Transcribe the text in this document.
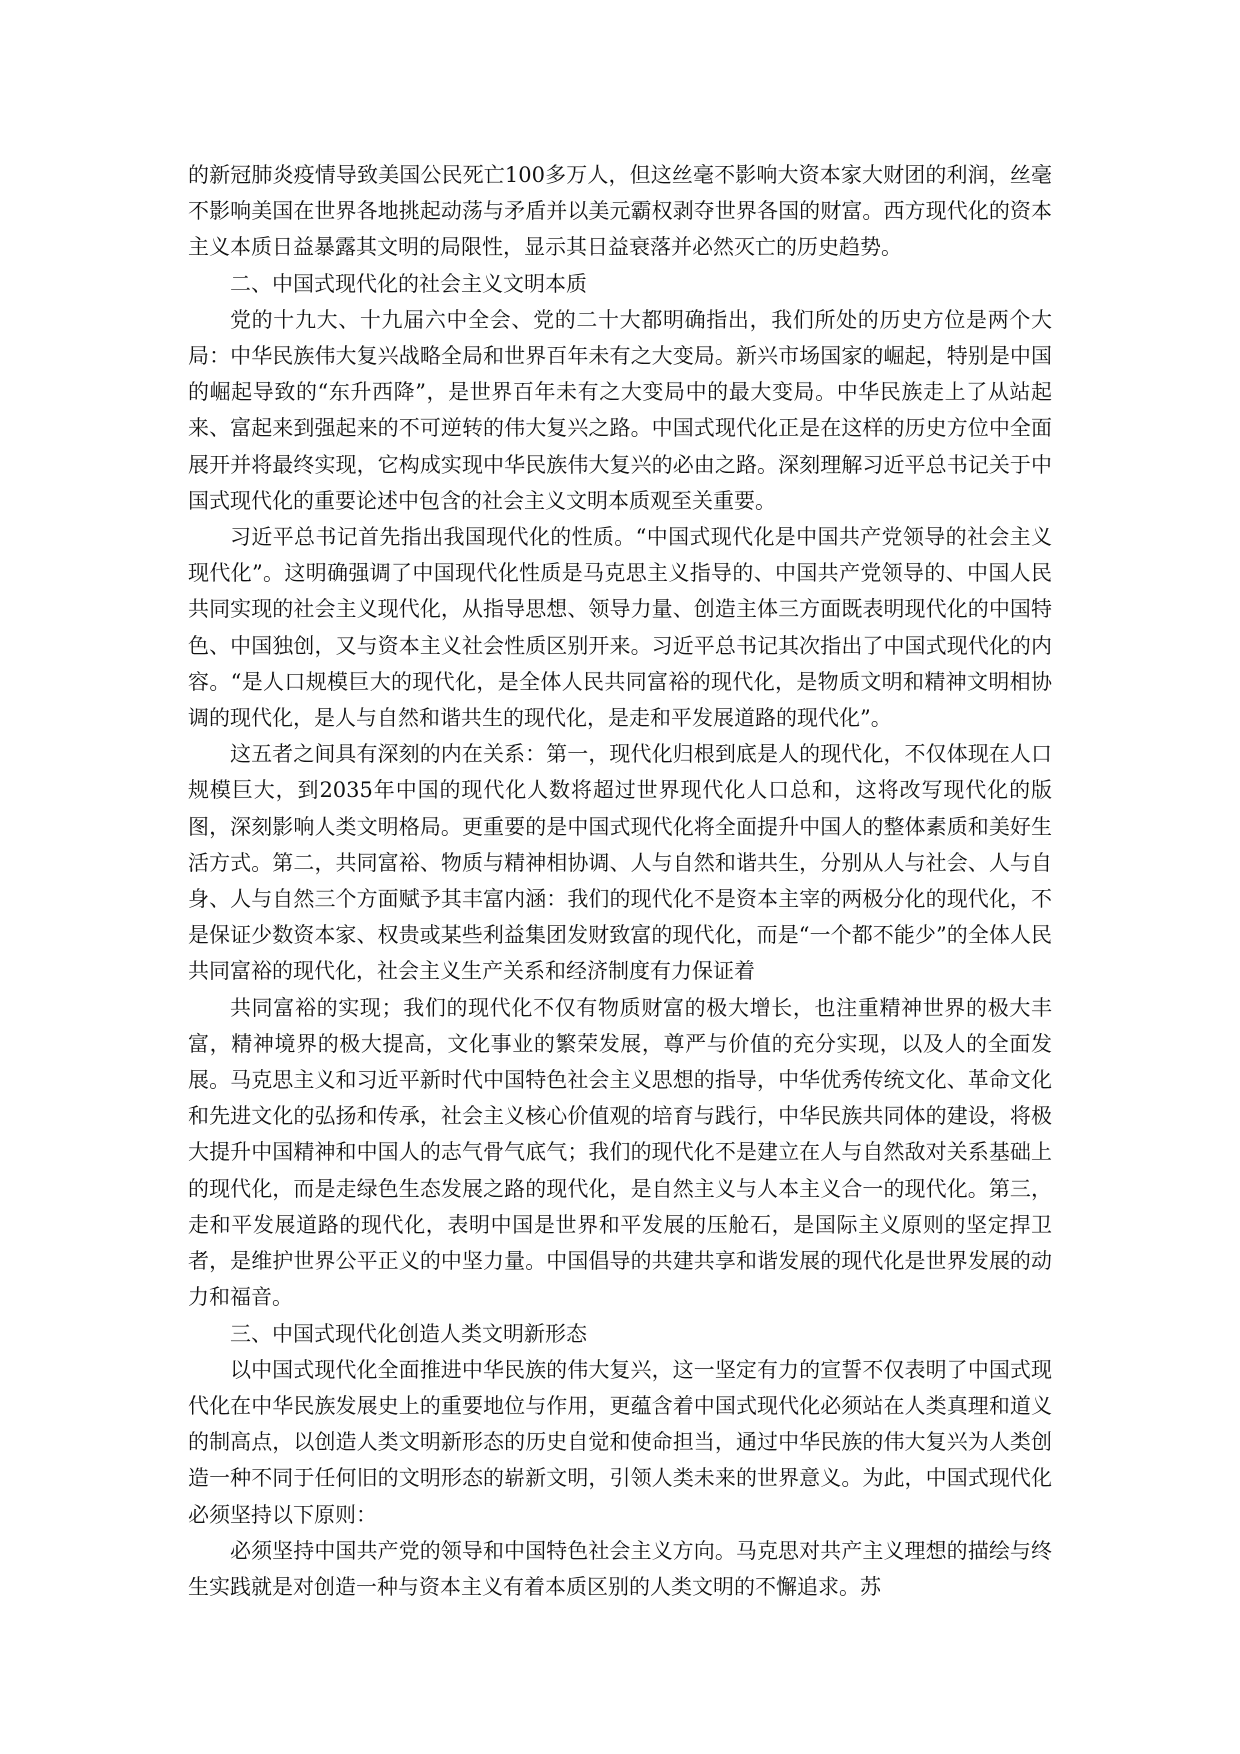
的新冠肺炎疫情导致美国公民死亡100多万人，但这丝毫不影响大资本家大财团的利润，丝毫不影响美国在世界各地挑起动荡与矛盾并以美元霸权剥夺世界各国的财富。西方现代化的资本主义本质日益暴露其文明的局限性，显示其日益衰落并必然灭亡的历史趋势。

二、中国式现代化的社会主义文明本质

党的十九大、十九届六中全会、党的二十大都明确指出，我们所处的历史方位是两个大局：中华民族伟大复兴战略全局和世界百年未有之大变局。新兴市场国家的崛起，特别是中国的崛起导致的“东升西降”，是世界百年未有之大变局中的最大变局。中华民族走上了从站起来、富起来到强起来的不可逆转的伟大复兴之路。中国式现代化正是在这样的历史方位中全面展开并将最终实现，它构成实现中华民族伟大复兴的必由之路。深刻理解习近平总书记关于中国式现代化的重要论述中包含的社会主义文明本质观至关重要。

习近平总书记首先指出我国现代化的性质。“中国式现代化是中国共产党领导的社会主义现代化”。这明确强调了中国现代化性质是马克思主义指导的、中国共产党领导的、中国人民共同实现的社会主义现代化，从指导思想、领导力量、创造主体三方面既表明现代化的中国特色、中国独创，又与资本主义社会性质区别开来。习近平总书记其次指出了中国式现代化的内容。“是人口规模巨大的现代化，是全体人民共同富裕的现代化，是物质文明和精神文明相协调的现代化，是人与自然和谐共生的现代化，是走和平发展道路的现代化”。

这五者之间具有深刻的内在关系：第一，现代化归根到底是人的现代化，不仅体现在人口规模巨大，到2035年中国的现代化人数将超过世界现代化人口总和，这将改写现代化的版图，深刻影响人类文明格局。更重要的是中国式现代化将全面提升中国人的整体素质和美好生活方式。第二，共同富裕、物质与精神相协调、人与自然和谐共生，分别从人与社会、人与自身、人与自然三个方面赋予其丰富内涵：我们的现代化不是资本主宰的两极分化的现代化，不是保证少数资本家、权贵或某些利益集团发财致富的现代化，而是“一个都不能少”的全体人民共同富裕的现代化，社会主义生产关系和经济制度有力保证着

共同富裕的实现；我们的现代化不仅有物质财富的极大增长，也注重精神世界的极大丰富，精神境界的极大提高，文化事业的繁荣发展，尊严与价值的充分实现，以及人的全面发展。马克思主义和习近平新时代中国特色社会主义思想的指导，中华优秀传统文化、革命文化和先进文化的弘扬和传承，社会主义核心价值观的培育与践行，中华民族共同体的建设，将极大提升中国精神和中国人的志气骨气底气；我们的现代化不是建立在人与自然敌对关系基础上的现代化，而是走绿色生态发展之路的现代化，是自然主义与人本主义合一的现代化。第三，走和平发展道路的现代化，表明中国是世界和平发展的压舱石，是国际主义原则的坚定捍卫者，是维护世界公平正义的中坚力量。中国倡导的共建共享和谐发展的现代化是世界发展的动力和福音。

三、中国式现代化创造人类文明新形态

以中国式现代化全面推进中华民族的伟大复兴，这一坚定有力的宣誓不仅表明了中国式现代化在中华民族发展史上的重要地位与作用，更蕴含着中国式现代化必须站在人类真理和道义的制高点，以创造人类文明新形态的历史自觉和使命担当，通过中华民族的伟大复兴为人类创造一种不同于任何旧的文明形态的崭新文明，引领人类未来的世界意义。为此，中国式现代化必须坚持以下原则：

必须坚持中国共产党的领导和中国特色社会主义方向。马克思对共产主义理想的描绘与终生实践就是对创造一种与资本主义有着本质区别的人类文明的不懈追求。苏
